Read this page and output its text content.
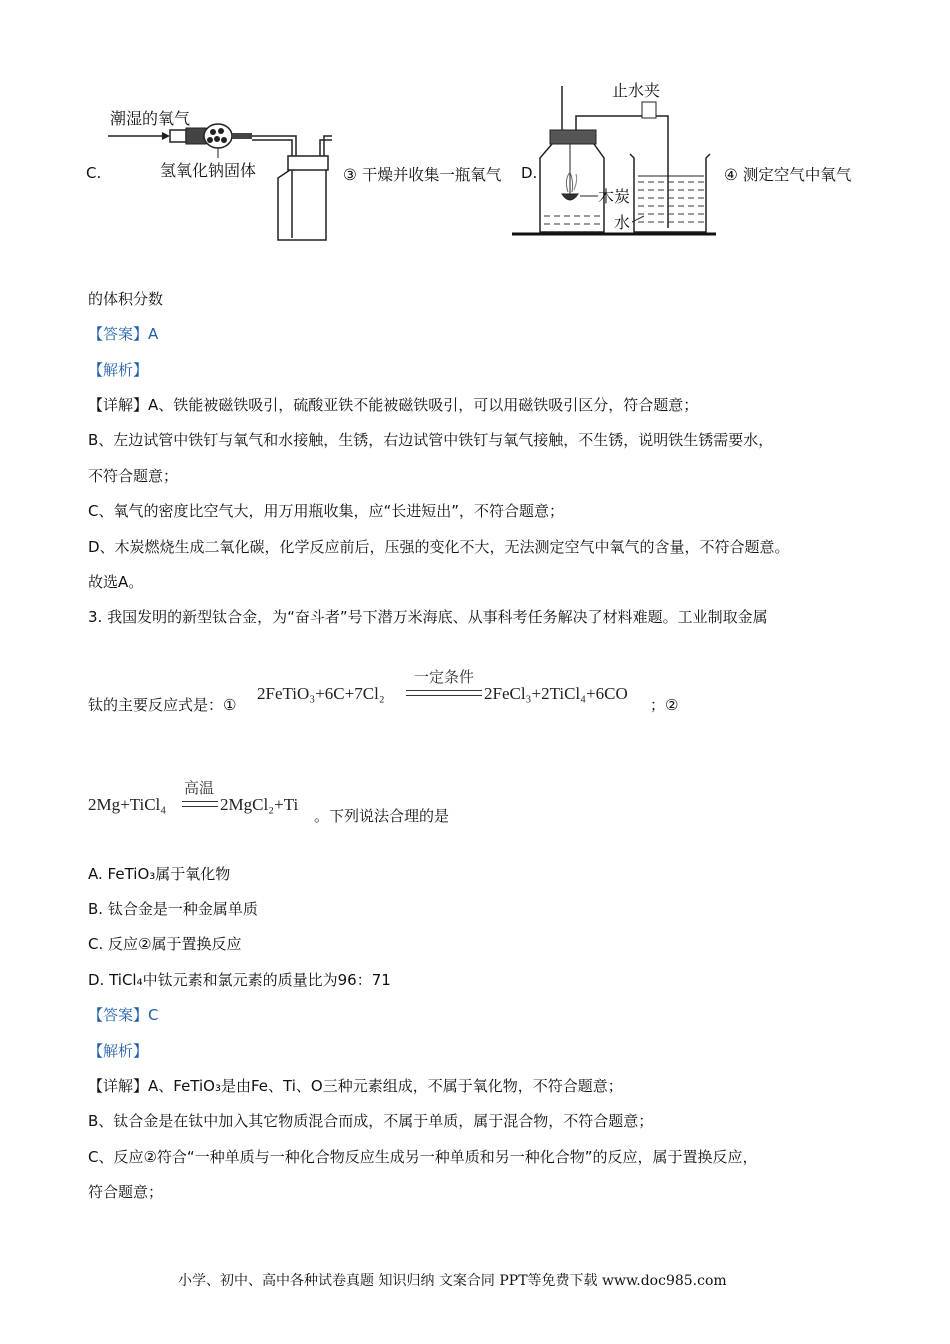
C.
潮湿的氧气
氢氧化钠固体	③ 干燥并收集一瓶氧气 D.
止水夹
木炭
水
④ 测定空气中氧气
的体积分数
【答案】A
【解析】
【详解】A、铁能被磁铁吸引，硫酸亚铁不能被磁铁吸引，可以用磁铁吸引区分，符合题意；
B、左边试管中铁钉与氧气和水接触，生锈，右边试管中铁钉与氧气接触，不生锈，说明铁生锈需要水，
不符合题意；
C、氧气的密度比空气大，用万用瓶收集，应“长进短出”，不符合题意；
D、木炭燃烧生成二氧化碳，化学反应前后，压强的变化不大，无法测定空气中氧气的含量，不符合题意。
故选A。
3. 我国发明的新型钛合金，为“奋斗者”号下潜万米海底、从事科考任务解决了材料难题。工业制取金属
钛的主要反应式是：①
2FeTiO₃+6C+7Cl₂
一定条件
2FeCl₃+2TiCl₄+6CO
；②
2Mg+TiCl₄
高温
2MgCl₂+Ti
。下列说法合理的是
A. FeTiO₃属于氧化物
B. 钛合金是一种金属单质
C. 反应②属于置换反应
D. TiCl₄中钛元素和氯元素的质量比为96：71
【答案】C
【解析】
【详解】A、FeTiO₃是由Fe、Ti、O三种元素组成，不属于氧化物，不符合题意；
B、钛合金是在钛中加入其它物质混合而成，不属于单质，属于混合物，不符合题意；
C、反应②符合“一种单质与一种化合物反应生成另一种单质和另一种化合物”的反应，属于置换反应，
符合题意；
小学、初中、高中各种试卷真题 知识归纳 文案合同 PPT等免费下载 www.doc985.com
